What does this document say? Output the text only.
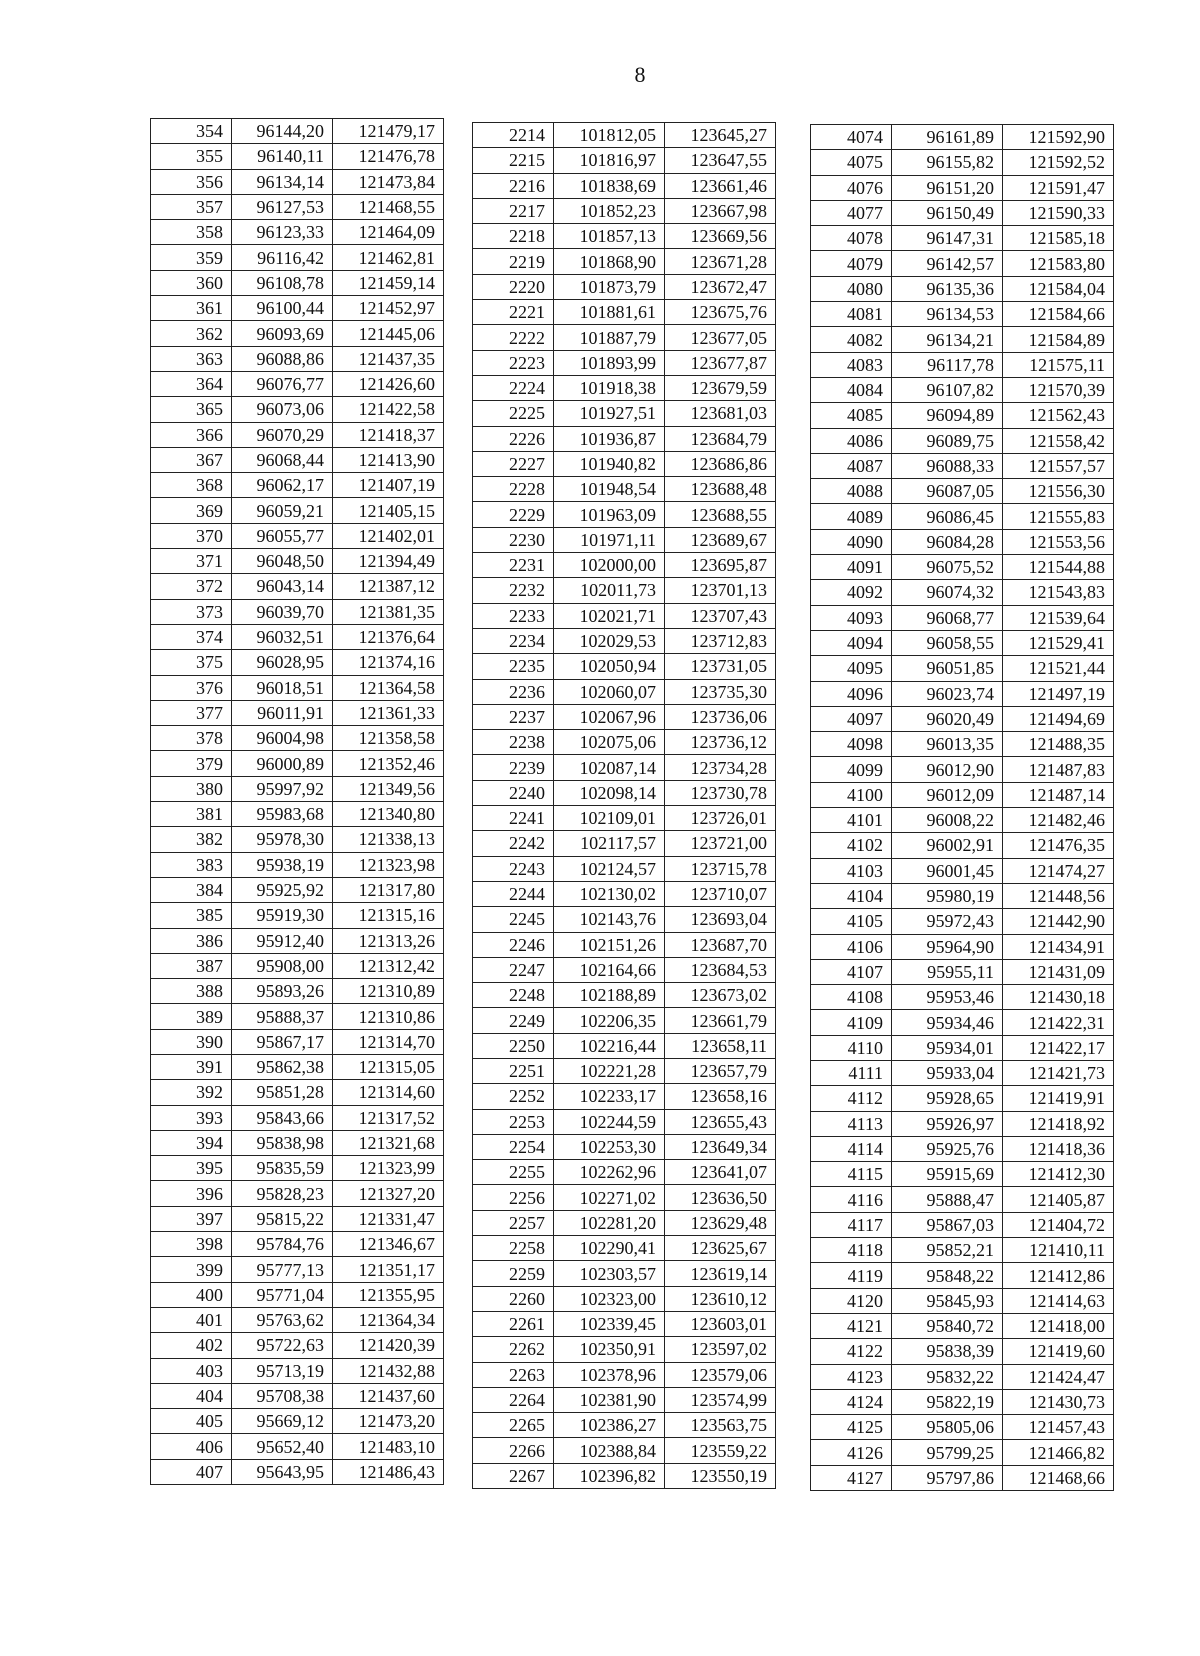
8
354	96144,20	121479,17
355	96140,11	121476,78
356	96134,14	121473,84
357	96127,53	121468,55
358	96123,33	121464,09
359	96116,42	121462,81
360	96108,78	121459,14
361	96100,44	121452,97
362	96093,69	121445,06
363	96088,86	121437,35
364	96076,77	121426,60
365	96073,06	121422,58
366	96070,29	121418,37
367	96068,44	121413,90
368	96062,17	121407,19
369	96059,21	121405,15
370	96055,77	121402,01
371	96048,50	121394,49
372	96043,14	121387,12
373	96039,70	121381,35
374	96032,51	121376,64
375	96028,95	121374,16
376	96018,51	121364,58
377	96011,91	121361,33
378	96004,98	121358,58
379	96000,89	121352,46
380	95997,92	121349,56
381	95983,68	121340,80
382	95978,30	121338,13
383	95938,19	121323,98
384	95925,92	121317,80
385	95919,30	121315,16
386	95912,40	121313,26
387	95908,00	121312,42
388	95893,26	121310,89
389	95888,37	121310,86
390	95867,17	121314,70
391	95862,38	121315,05
392	95851,28	121314,60
393	95843,66	121317,52
394	95838,98	121321,68
395	95835,59	121323,99
396	95828,23	121327,20
397	95815,22	121331,47
398	95784,76	121346,67
399	95777,13	121351,17
400	95771,04	121355,95
401	95763,62	121364,34
402	95722,63	121420,39
403	95713,19	121432,88
404	95708,38	121437,60
405	95669,12	121473,20
406	95652,40	121483,10
407	95643,95	121486,43
2214	101812,05	123645,27
2215	101816,97	123647,55
2216	101838,69	123661,46
2217	101852,23	123667,98
2218	101857,13	123669,56
2219	101868,90	123671,28
2220	101873,79	123672,47
2221	101881,61	123675,76
2222	101887,79	123677,05
2223	101893,99	123677,87
2224	101918,38	123679,59
2225	101927,51	123681,03
2226	101936,87	123684,79
2227	101940,82	123686,86
2228	101948,54	123688,48
2229	101963,09	123688,55
2230	101971,11	123689,67
2231	102000,00	123695,87
2232	102011,73	123701,13
2233	102021,71	123707,43
2234	102029,53	123712,83
2235	102050,94	123731,05
2236	102060,07	123735,30
2237	102067,96	123736,06
2238	102075,06	123736,12
2239	102087,14	123734,28
2240	102098,14	123730,78
2241	102109,01	123726,01
2242	102117,57	123721,00
2243	102124,57	123715,78
2244	102130,02	123710,07
2245	102143,76	123693,04
2246	102151,26	123687,70
2247	102164,66	123684,53
2248	102188,89	123673,02
2249	102206,35	123661,79
2250	102216,44	123658,11
2251	102221,28	123657,79
2252	102233,17	123658,16
2253	102244,59	123655,43
2254	102253,30	123649,34
2255	102262,96	123641,07
2256	102271,02	123636,50
2257	102281,20	123629,48
2258	102290,41	123625,67
2259	102303,57	123619,14
2260	102323,00	123610,12
2261	102339,45	123603,01
2262	102350,91	123597,02
2263	102378,96	123579,06
2264	102381,90	123574,99
2265	102386,27	123563,75
2266	102388,84	123559,22
2267	102396,82	123550,19
4074	96161,89	121592,90
4075	96155,82	121592,52
4076	96151,20	121591,47
4077	96150,49	121590,33
4078	96147,31	121585,18
4079	96142,57	121583,80
4080	96135,36	121584,04
4081	96134,53	121584,66
4082	96134,21	121584,89
4083	96117,78	121575,11
4084	96107,82	121570,39
4085	96094,89	121562,43
4086	96089,75	121558,42
4087	96088,33	121557,57
4088	96087,05	121556,30
4089	96086,45	121555,83
4090	96084,28	121553,56
4091	96075,52	121544,88
4092	96074,32	121543,83
4093	96068,77	121539,64
4094	96058,55	121529,41
4095	96051,85	121521,44
4096	96023,74	121497,19
4097	96020,49	121494,69
4098	96013,35	121488,35
4099	96012,90	121487,83
4100	96012,09	121487,14
4101	96008,22	121482,46
4102	96002,91	121476,35
4103	96001,45	121474,27
4104	95980,19	121448,56
4105	95972,43	121442,90
4106	95964,90	121434,91
4107	95955,11	121431,09
4108	95953,46	121430,18
4109	95934,46	121422,31
4110	95934,01	121422,17
4111	95933,04	121421,73
4112	95928,65	121419,91
4113	95926,97	121418,92
4114	95925,76	121418,36
4115	95915,69	121412,30
4116	95888,47	121405,87
4117	95867,03	121404,72
4118	95852,21	121410,11
4119	95848,22	121412,86
4120	95845,93	121414,63
4121	95840,72	121418,00
4122	95838,39	121419,60
4123	95832,22	121424,47
4124	95822,19	121430,73
4125	95805,06	121457,43
4126	95799,25	121466,82
4127	95797,86	121468,66
